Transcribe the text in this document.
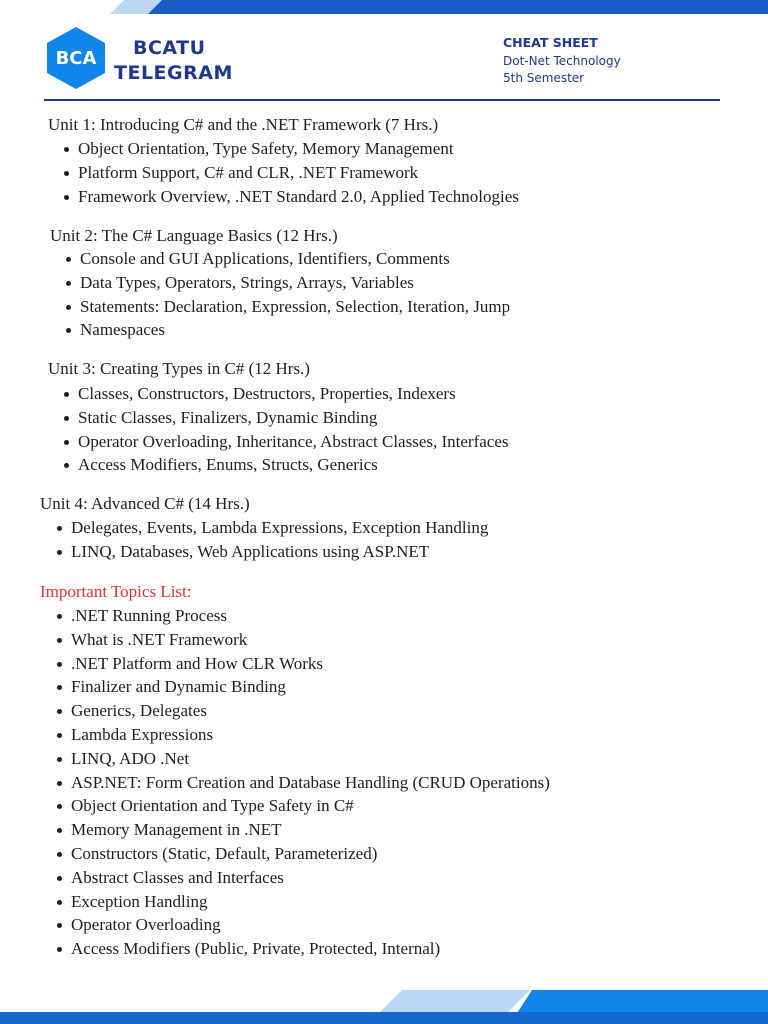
BCA BCATU
TELEGRAM
CHEAT SHEET
Dot-Net Technology
5th Semester
Unit 1: Introducing C# and the .NET Framework (7 Hrs.)
Object Orientation, Type Safety, Memory Management
Platform Support, C# and CLR, .NET Framework
Framework Overview, .NET Standard 2.0, Applied Technologies
Unit 2: The C# Language Basics (12 Hrs.)
Console and GUI Applications, Identifiers, Comments
Data Types, Operators, Strings, Arrays, Variables
Statements: Declaration, Expression, Selection, Iteration, Jump
Namespaces
Unit 3: Creating Types in C# (12 Hrs.)
Classes, Constructors, Destructors, Properties, Indexers
Static Classes, Finalizers, Dynamic Binding
Operator Overloading, Inheritance, Abstract Classes, Interfaces
Access Modifiers, Enums, Structs, Generics
Unit 4: Advanced C# (14 Hrs.)
Delegates, Events, Lambda Expressions, Exception Handling
LINQ, Databases, Web Applications using ASP.NET
Important Topics List:
.NET Running Process
What is .NET Framework
.NET Platform and How CLR Works
Finalizer and Dynamic Binding
Generics, Delegates
Lambda Expressions
LINQ, ADO .Net
ASP.NET: Form Creation and Database Handling (CRUD Operations)
Object Orientation and Type Safety in C#
Memory Management in .NET
Constructors (Static, Default, Parameterized)
Abstract Classes and Interfaces
Exception Handling
Operator Overloading
Access Modifiers (Public, Private, Protected, Internal)
